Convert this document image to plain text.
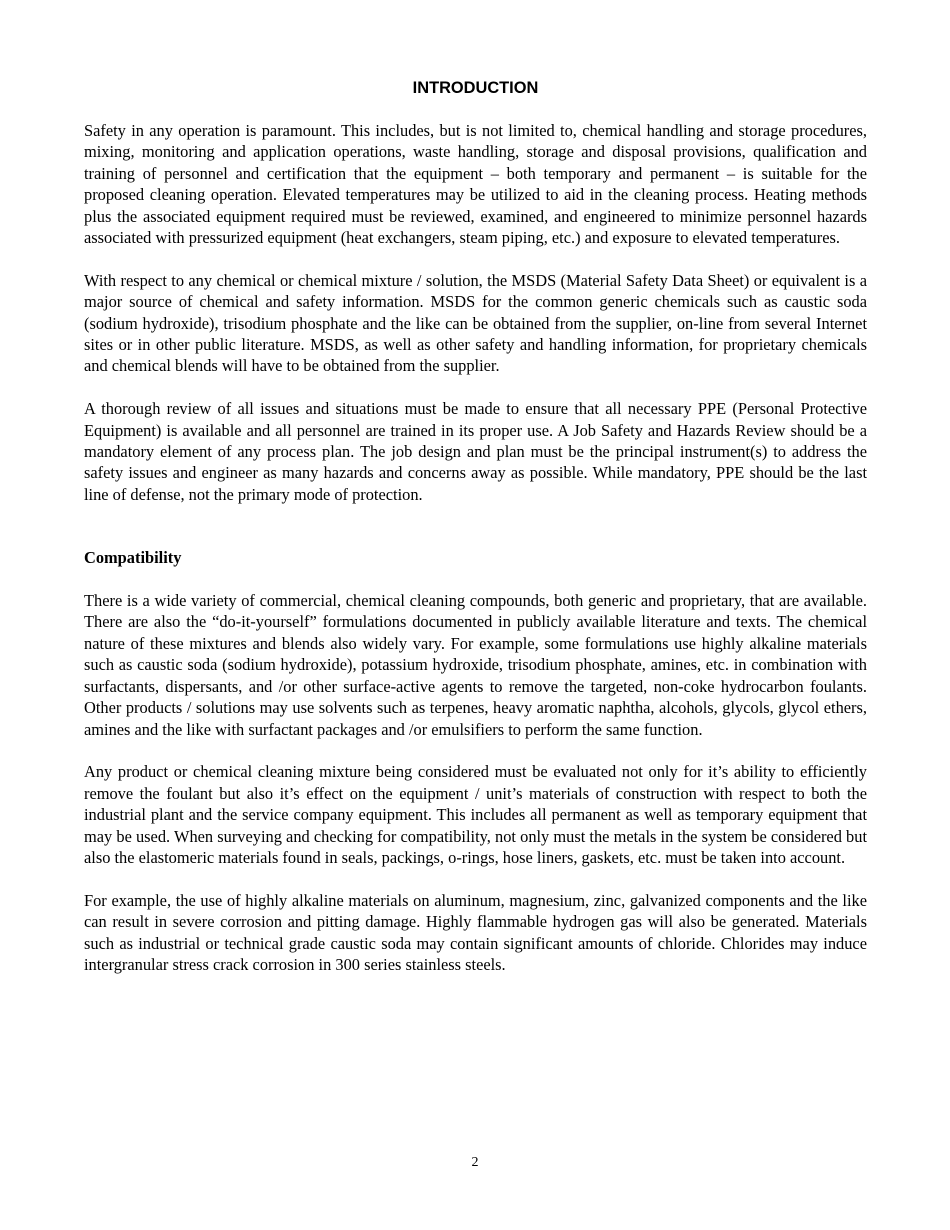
INTRODUCTION

Safety in any operation is paramount. This includes, but is not limited to, chemical handling and storage procedures, mixing, monitoring and application operations, waste handling, storage and disposal provisions, qualification and training of personnel and certification that the equipment – both temporary and permanent – is suitable for the proposed cleaning operation. Elevated temperatures may be utilized to aid in the cleaning process. Heating methods plus the associated equipment required must be reviewed, examined, and engineered to minimize personnel hazards associated with pressurized equipment (heat exchangers, steam piping, etc.) and exposure to elevated temperatures.

With respect to any chemical or chemical mixture / solution, the MSDS (Material Safety Data Sheet) or equivalent is a major source of chemical and safety information. MSDS for the common generic chemicals such as caustic soda (sodium hydroxide), trisodium phosphate and the like can be obtained from the supplier, on-line from several Internet sites or in other public literature. MSDS, as well as other safety and handling information, for proprietary chemicals and chemical blends will have to be obtained from the supplier.

A thorough review of all issues and situations must be made to ensure that all necessary PPE (Personal Protective Equipment) is available and all personnel are trained in its proper use. A Job Safety and Hazards Review should be a mandatory element of any process plan. The job design and plan must be the principal instrument(s) to address the safety issues and engineer as many hazards and concerns away as possible. While mandatory, PPE should be the last line of defense, not the primary mode of protection.

Compatibility

There is a wide variety of commercial, chemical cleaning compounds, both generic and proprietary, that are available. There are also the “do-it-yourself” formulations documented in publicly available literature and texts. The chemical nature of these mixtures and blends also widely vary. For example, some formulations use highly alkaline materials such as caustic soda (sodium hydroxide), potassium hydroxide, trisodium phosphate, amines, etc. in combination with surfactants, dispersants, and /or other surface-active agents to remove the targeted, non-coke hydrocarbon foulants. Other products / solutions may use solvents such as terpenes, heavy aromatic naphtha, alcohols, glycols, glycol ethers, amines and the like with surfactant packages and /or emulsifiers to perform the same function.

Any product or chemical cleaning mixture being considered must be evaluated not only for it’s ability to efficiently remove the foulant but also it’s effect on the equipment / unit’s materials of construction with respect to both the industrial plant and the service company equipment. This includes all permanent as well as temporary equipment that may be used. When surveying and checking for compatibility, not only must the metals in the system be considered but also the elastomeric materials found in seals, packings, o-rings, hose liners, gaskets, etc. must be taken into account.

For example, the use of highly alkaline materials on aluminum, magnesium, zinc, galvanized components and the like can result in severe corrosion and pitting damage. Highly flammable hydrogen gas will also be generated. Materials such as industrial or technical grade caustic soda may contain significant amounts of chloride. Chlorides may induce intergranular stress crack corrosion in 300 series stainless steels.

2
